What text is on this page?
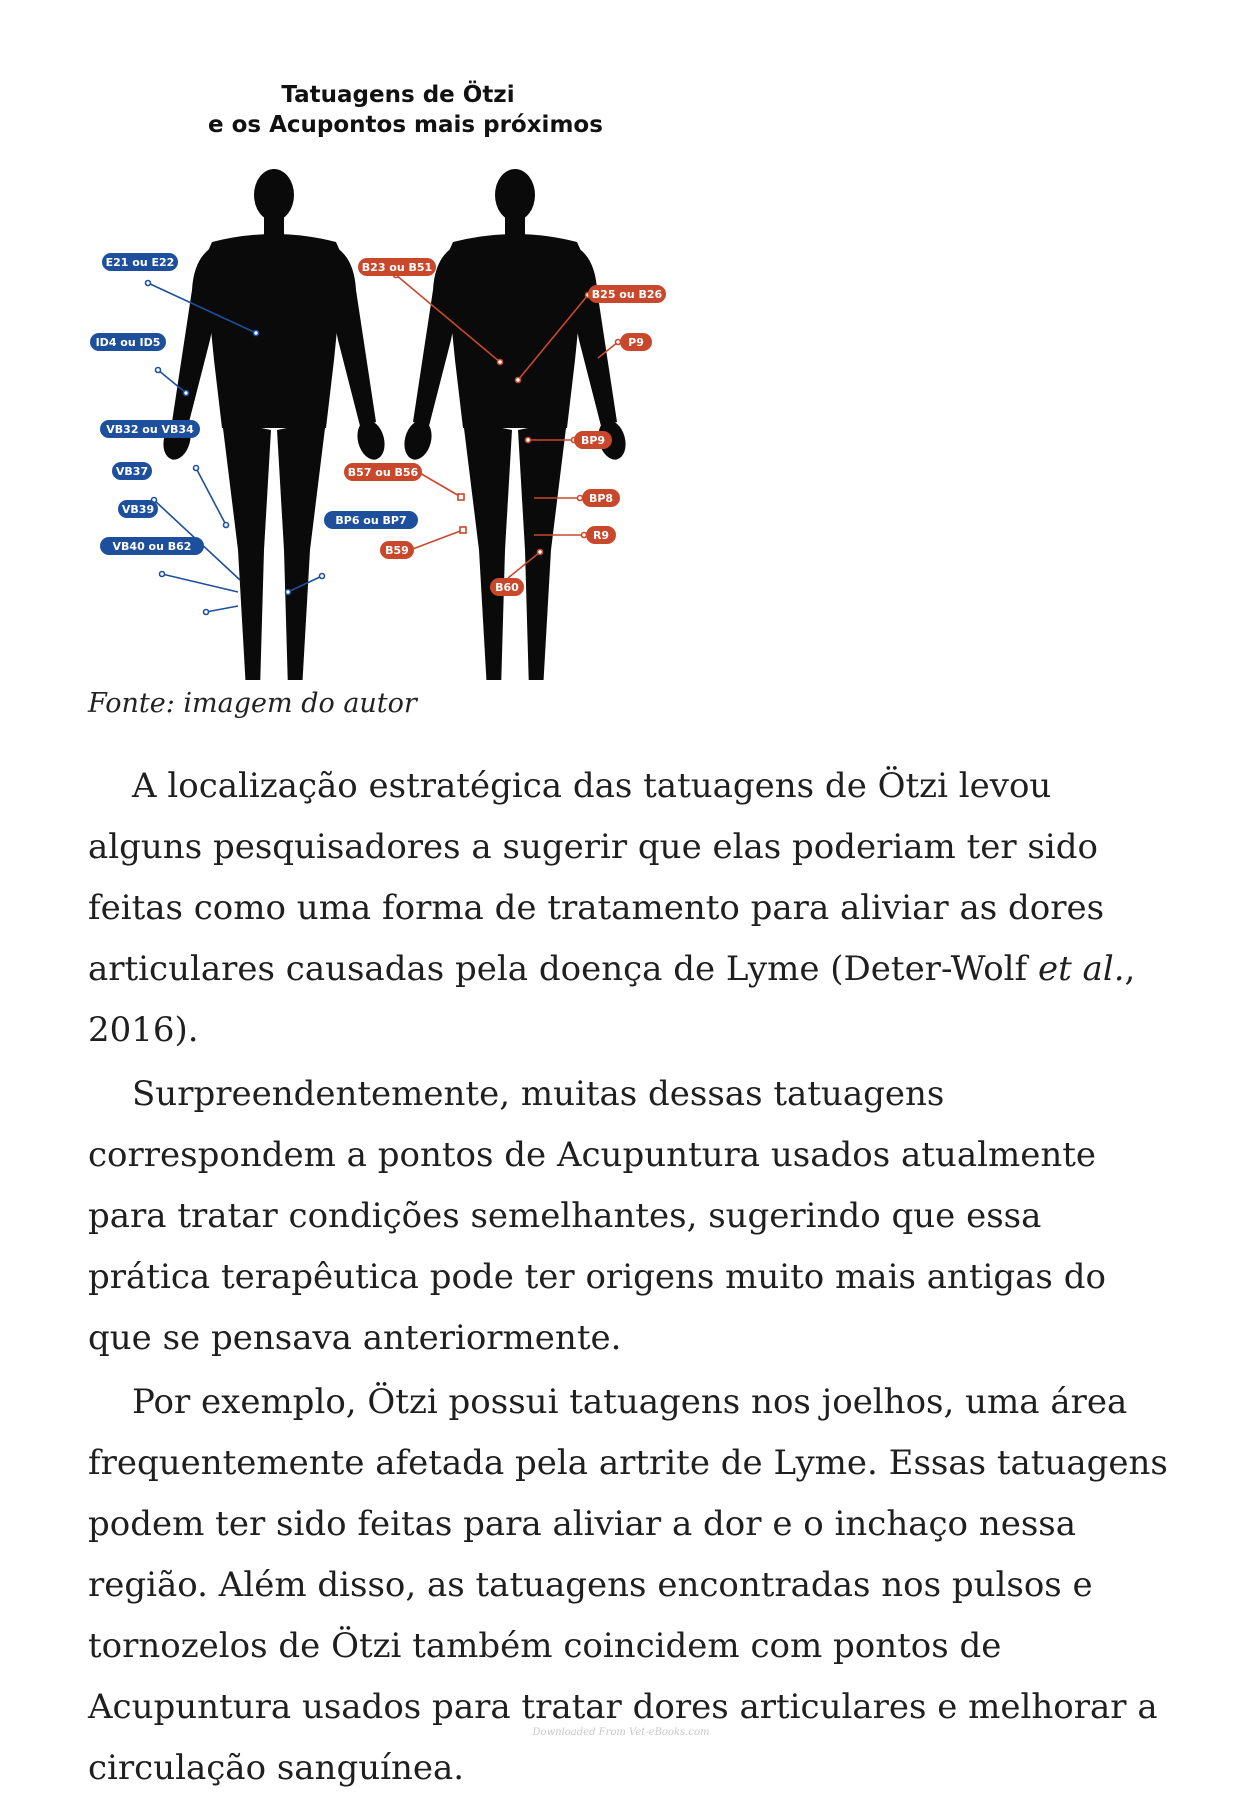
E21 ou E22
ID4 ou ID5
VB32 ou VB34
VB37
VB39
VB40 ou B62
BP6 ou BP7
B23 ou B51
B25 ou B26
P9
BP9
B57 ou B56
BP8
R9
B59
B60
Tatuagens de Ötzi
e os Acupontos mais próximos
Fonte: imagem do autor

A localização estratégica das tatuagens de Ötzi levou alguns pesquisadores a sugerir que elas poderiam ter sido feitas como uma forma de tratamento para aliviar as dores articulares causadas pela doença de Lyme (Deter-Wolf et al., 2016).

Surpreendentemente, muitas dessas tatuagens correspondem a pontos de Acupuntura usados atualmente para tratar condições semelhantes, sugerindo que essa prática terapêutica pode ter origens muito mais antigas do que se pensava anteriormente.

Por exemplo, Ötzi possui tatuagens nos joelhos, uma área frequentemente afetada pela artrite de Lyme. Essas tatuagens podem ter sido feitas para aliviar a dor e o inchaço nessa região. Além disso, as tatuagens encontradas nos pulsos e tornozelos de Ötzi também coincidem com pontos de Acupuntura usados para tratar dores articulares e melhorar a circulação sanguínea.

Downloaded From Vet-eBooks.com
